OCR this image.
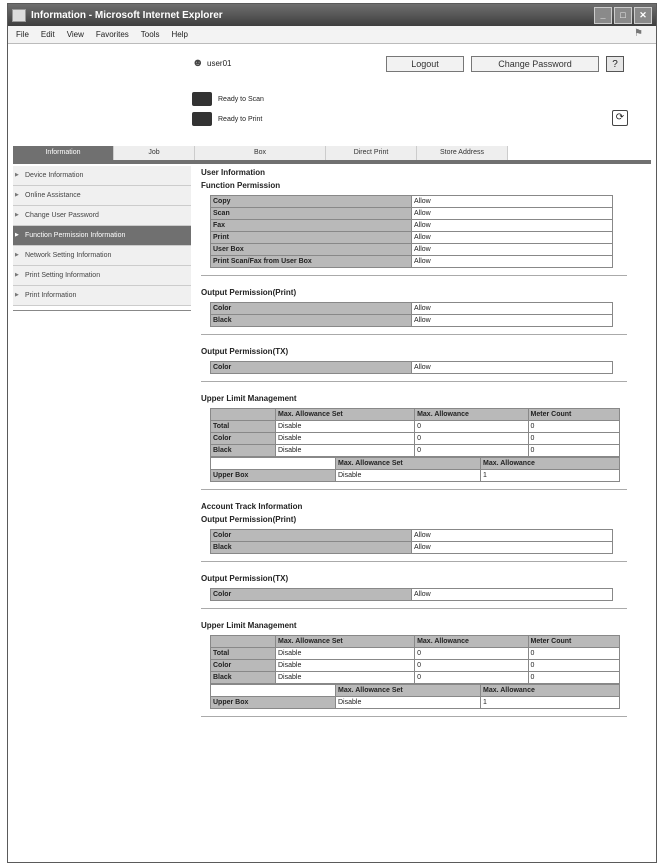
Information - Microsoft Internet Explorer	_	□	✕
File Edit View Favorites Tools Help	⚑
☻ user01	Logout	Change Password	?
Ready to Scan
Ready to Print	⟳
Information	Job	Box	Direct Print	Store Address
▶ Device Information
▶ Online Assistance
▶ Change User Password
▶ Function Permission Information
▶ Network Setting Information
▶ Print Setting Information
▶ Print Information
User Information
Function Permission
Copy	Allow
Scan	Allow
Fax	Allow
Print	Allow
User Box	Allow
Print Scan/Fax from User Box	Allow
Output Permission(Print)
Color	Allow
Black	Allow
Output Permission(TX)
Color	Allow
Upper Limit Management
	Max. Allowance Set	Max. Allowance	Meter Count
Total	Disable	0	0
Color	Disable	0	0
Black	Disable	0	0
	Max. Allowance Set	Max. Allowance
Upper Box	Disable	1
Account Track Information
Output Permission(Print)
Color	Allow
Black	Allow
Output Permission(TX)
Color	Allow
Upper Limit Management
	Max. Allowance Set	Max. Allowance	Meter Count
Total	Disable	0	0
Color	Disable	0	0
Black	Disable	0	0
	Max. Allowance Set	Max. Allowance
Upper Box	Disable	1
